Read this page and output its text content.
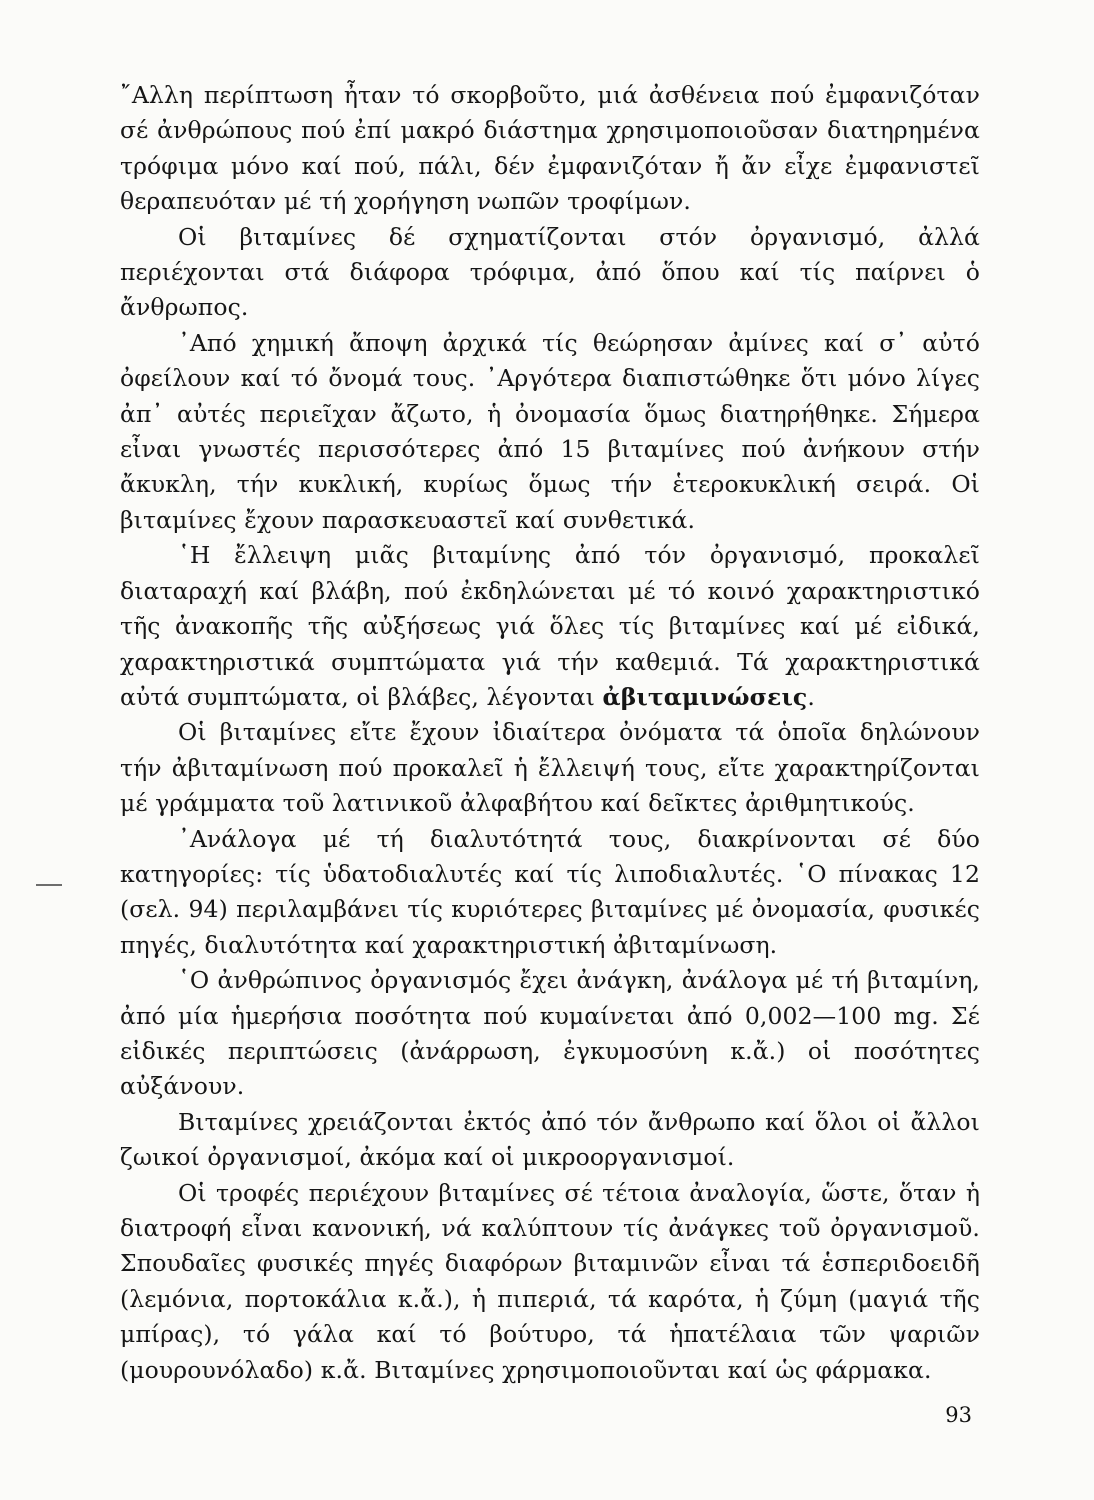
῎Αλλη περίπτωση ἦταν τό σκορβοῦτο, μιά ἀσθένεια πού ἐμφανιζόταν σέ ἀνθρώπους πού ἐπί μακρό διάστημα χρησιμοποιοῦσαν διατηρημένα τρόφιμα μόνο καί πού, πάλι, δέν ἐμφανιζόταν ἤ ἄν εἶχε ἐμφανιστεῖ θεραπευόταν μέ τή χορήγηση νωπῶν τροφίμων.

Οἱ βιταμίνες δέ σχηματίζονται στόν ὀργανισμό, ἀλλά περιέχονται στά διάφορα τρόφιμα, ἀπό ὅπου καί τίς παίρνει ὁ ἄνθρωπος.

᾿Από χημική ἄποψη ἀρχικά τίς θεώρησαν ἀμίνες καί σ᾿ αὐτό ὀφείλουν καί τό ὄνομά τους. ᾿Αργότερα διαπιστώθηκε ὅτι μόνο λίγες ἀπ᾿ αὐτές περιεῖχαν ἄζωτο, ἡ ὀνομασία ὅμως διατηρήθηκε. Σήμερα εἶναι γνωστές περισσότερες ἀπό 15 βιταμίνες πού ἀνήκουν στήν ἄκυκλη, τήν κυκλική, κυρίως ὅμως τήν ἑτεροκυκλική σειρά. Οἱ βιταμίνες ἔχουν παρασκευαστεῖ καί συνθετικά.

῾Η ἔλλειψη μιᾶς βιταμίνης ἀπό τόν ὀργανισμό, προκαλεῖ διαταραχή καί βλάβη, πού ἐκδηλώνεται μέ τό κοινό χαρακτηριστικό τῆς ἀνακοπῆς τῆς αὐξήσεως γιά ὅλες τίς βιταμίνες καί μέ εἰδικά, χαρακτηριστικά συμπτώματα γιά τήν καθεμιά. Τά χαρακτηριστικά αὐτά συμπτώματα, οἱ βλάβες, λέγονται ἀβιταμινώσεις.

Οἱ βιταμίνες εἴτε ἔχουν ἰδιαίτερα ὀνόματα τά ὁποῖα δηλώνουν τήν ἀβιταμίνωση πού προκαλεῖ ἡ ἔλλειψή τους, εἴτε χαρακτηρίζονται μέ γράμματα τοῦ λατινικοῦ ἀλφαβήτου καί δεῖκτες ἀριθμητικούς.

᾿Ανάλογα μέ τή διαλυτότητά τους, διακρίνονται σέ δύο κατηγορίες: τίς ὑδατοδιαλυτές καί τίς λιποδιαλυτές. ῾Ο πίνακας 12 (σελ. 94) περιλαμβάνει τίς κυριότερες βιταμίνες μέ ὀνομασία, φυσικές πηγές, διαλυτότητα καί χαρακτηριστική ἀβιταμίνωση.

῾Ο ἀνθρώπινος ὀργανισμός ἔχει ἀνάγκη, ἀνάλογα μέ τή βιταμίνη, ἀπό μία ἡμερήσια ποσότητα πού κυμαίνεται ἀπό 0,002—100 mg. Σέ εἰδικές περιπτώσεις (ἀνάρρωση, ἐγκυμοσύνη κ.ἄ.) οἱ ποσότητες αὐξάνουν.

Βιταμίνες χρειάζονται ἐκτός ἀπό τόν ἄνθρωπο καί ὅλοι οἱ ἄλλοι ζωικοί ὀργανισμοί, ἀκόμα καί οἱ μικροοργανισμοί.

Οἱ τροφές περιέχουν βιταμίνες σέ τέτοια ἀναλογία, ὥστε, ὅταν ἡ διατροφή εἶναι κανονική, νά καλύπτουν τίς ἀνάγκες τοῦ ὀργανισμοῦ. Σπουδαῖες φυσικές πηγές διαφόρων βιταμινῶν εἶναι τά ἑσπεριδοειδῆ (λεμόνια, πορτοκάλια κ.ἄ.), ἡ πιπεριά, τά καρότα, ἡ ζύμη (μαγιά τῆς μπίρας), τό γάλα καί τό βούτυρο, τά ἡπατέλαια τῶν ψαριῶν (μουρουνόλαδο) κ.ἄ. Βιταμίνες χρησιμοποιοῦνται καί ὡς φάρμακα.

93
